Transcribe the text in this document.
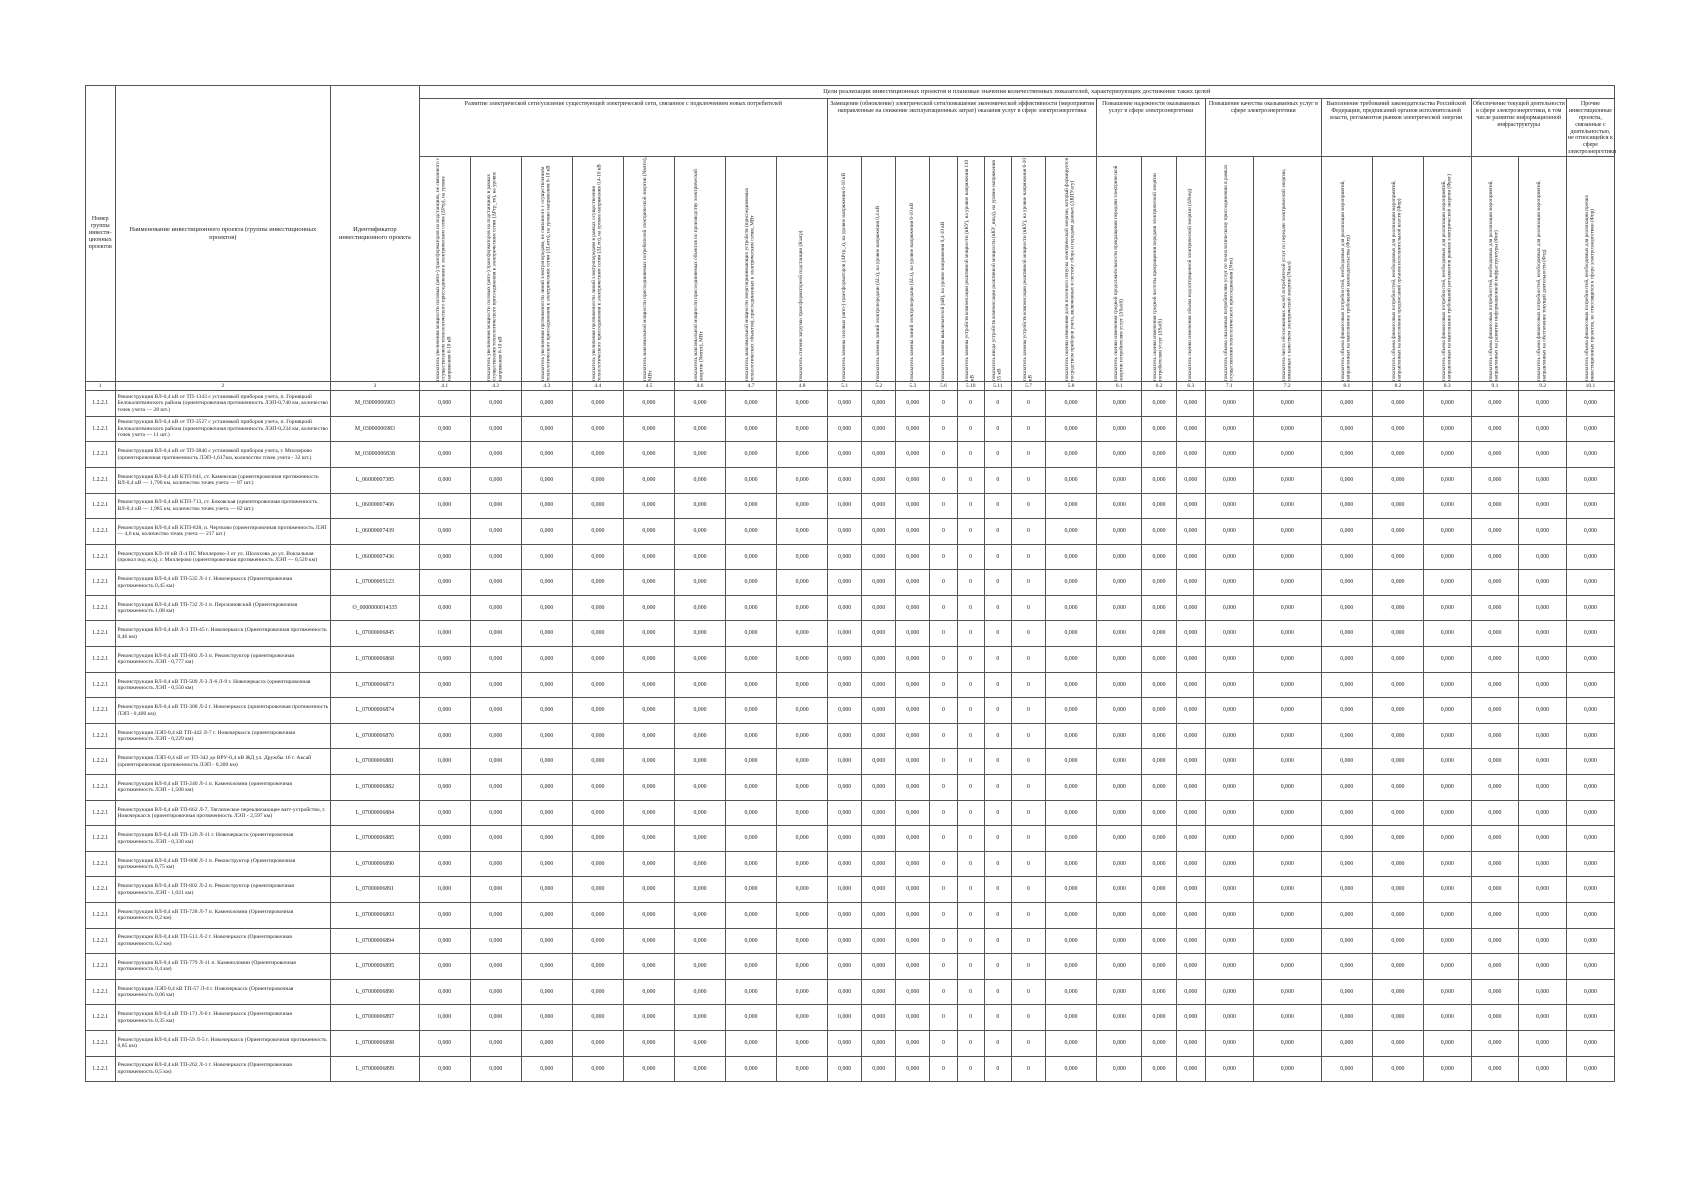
Номер группы инвести-ционных проектов	Наименование инвестиционного проекта (группы инвестиционных проектов)	Идентификатор инвестиционного проекта	Цели реализации инвестиционных проектов и плановые значения количественных показателей, характеризующих достижение таких целей																										
			Развитие электрической сети/усиление существующей электрической сети, связанное с подключением новых потребителей								Замещение (обновление) электрической сети/повышение экономической эффективности (мероприятия направленные на снижение эксплуатационных затрат) оказания услуг в сфере электроэнергетики								Повышение надежности оказываемых услуг в сфере электроэнергетики			Повышение качества оказываемых услуг в сфере электроэнергетики		Выполнение требований законодательства Российской Федерации, предписаний органов исполнительной власти, регламентов рынков электрической энергии			Обеспечение текущей деятельности в сфере электроэнергетики, в том числе развитие информационной инфраструктуры		Прочие инвестиционные проекты, связанные с деятельностью, не относящейся к сфере электроэнергетики

			показатель увеличения мощности силовых (авто-) трансформаторов на подстанциях, не связанного с осуществлением технологического присоединения к электрическим сетям (ΔPтр), на уровне напряжения 6-10 кВ	показатель увеличения мощности силовых (авто-) трансформаторов на подстанциях в рамках осуществления технологического присоединения к электрическим сетям (ΔPтр_тп), на уровне напряжения 6-10 кВ	показатель увеличения протяженности линий электропередачи, не связанного с осуществлением технологического присоединения к электрическим сетям (ΔLнтп), на уровне напряжения 6-10 кВ	показатель увеличения протяженности линий электропередачи в рамках осуществления технологического присоединения к электрическим сетям (ΔLтп), на уровне напряжения 0,4-10 кВ	показатель максимальной мощности присоединяемых потребителей электрической энергии (Nмтпэ), МВт	показатель максимальной мощности присоединяемых объектов по производству электрической энергии (Nмтпг), МВт	показатель максимальной мощности энергопринимающих устройств (присоединяемых технологических объектов), присоединенных к электрическим сетям, МВт	показатель степени загрузки трансформаторной подстанции (Кзагр)	показатель замены силовых (авто-) трансформаторов (ΔPтр_з), на уровне напряжения 6-10 кВ	показатель замены линий электропередачи (ΔLз), на уровне напряжения 0,4 кВ	показатель замены линий электропередачи (ΔLз), на уровне напряжения 6-10 кВ	показатель замены выключателей (nВ), на уровне напряжения 0,4-10 кВ	показатель замены устройств компенсации реактивной мощности (nКУ), на уровне напряжения 110 кВ	показатель ввода устройств компенсации реактивной мощности (nКУ_ввод), на уровне напряжения 35 кВ	показатель замены устройств компенсации реактивной мощности (nКУ), на уровне напряжения 6-10 кВ	показатель оценки изменения доли полезного отпуска электрической энергии, который формируется посредством приборов учета, включенных в систему сбора и передачи данных (ΔRПУасу)	показатель оценки изменения средней продолжительности прекращения передачи электрической энергии потребителям услуг (ΔSaidi)	показатель оценки изменения средней частоты прекращения передачи электрической энергии потребителям услуг (ΔSaifi)	показатель оценки изменения объема недоотпущенной электрической энергии (ΔPнед)	показатель объема оказанных потребителям услуг по технологическому присоединению в рамках осуществления технологического присоединения (Nтп)	показатель числа обоснованных жалоб потребителей услуг по передаче электрической энергии, связанных с качеством электрической энергии (Nжал)	показатель объема финансовых потребностей, необходимых для реализации мероприятий, направленных на выполнение требований законодательства (Фтр)	показатель объема финансовых потребностей, необходимых для реализации мероприятий, направленных на выполнение предписаний органов исполнительной власти (Фпр)	показатель объема финансовых потребностей, необходимых для реализации мероприятий, направленных на выполнение требований регламентов рынков электрической энергии (Фрег)	показатель объема финансовых потребностей, необходимых для реализации мероприятий, направленных на развитие информационной инфраструктуры (Фит)	показатель объема финансовых потребностей, необходимых для реализации мероприятий, направленных на обеспечение текущей деятельности (Фтд)	показатель объема финансовых потребностей, необходимых для реализации прочих инвестиционных проектов, не относящихся к сфере электроэнергетики (Фпр)

1	2	3	4.1	4.2	4.3	4.4	4.5	4.6	4.7	4.8	5.1	5.2	5.3	5.6	5.10	5.11	5.7	5.8	6.1	6.2	6.3	7.1	7.2	8.1	8.2	8.3	9.1	9.2	10.1
1.2.2.1	Реконструкция ВЛ-0,4 кВ от ТП-1343 с установкой приборов учета, п. Горняцкий Белокалитвинского района (ориентировочная протяженность ЛЭП-0,740 км, количество точек учета — 28 шт.)	M_03000006903	0,000	0,000	0,000	0,000	0,000	0,000	0,000	0,000	0,000	0,000	0,000	0	0	0	0	0,000	0,000	0,000	0,000	0,000	0,000	0,000	0,000	0,000	0,000	0,000	0,000
1.2.2.1	Реконструкция ВЛ-0,4 кВ от ТП-3527 с установкой приборов учета, п. Горняцкий Белокалитвинского района (ориентировочная протяженность ЛЭП-0,234 км, количество точек учета — 11 шт.)	M_03000006983	0,000	0,000	0,000	0,000	0,000	0,000	0,000	0,000	0,000	0,000	0,000	0	0	0	0	0,000	0,000	0,000	0,000	0,000	0,000	0,000	0,000	0,000	0,000	0,000	0,000
1.2.2.1	Реконструкция ВЛ-0,4 кВ от ТП-3846 с установкой приборов учета, г. Миллерово (ориентировочная протяженность ЛЭП-1,617км, количество точек учета - 32 шт.)	M_03000006838	0,000	0,000	0,000	0,000	0,000	0,000	0,000	0,000	0,000	0,000	0,000	0	0	0	0	0,000	0,000	0,000	0,000	0,000	0,000	0,000	0,000	0,000	0,000	0,000	0,000
1.2.2.1	Реконструкция ВЛ-0,4 кВ КТП-641, ст. Каменская (ориентировочная протяженность ВЛ-0,4 кВ — 1,790 км, количество точек учета — 87 шт.)	L_06000007385	0,000	0,000	0,000	0,000	0,000	0,000	0,000	0,000	0,000	0,000	0,000	0	0	0	0	0,000	0,000	0,000	0,000	0,000	0,000	0,000	0,000	0,000	0,000	0,000	0,000
1.2.2.1	Реконструкция ВЛ-0,4 кВ КТП-713, ст. Боковская (ориентировочная протяженность ВЛ-0,4 кВ — 1,985 км, количество точек учета — 62 шт.)	L_06000007406	0,000	0,000	0,000	0,000	0,000	0,000	0,000	0,000	0,000	0,000	0,000	0	0	0	0	0,000	0,000	0,000	0,000	0,000	0,000	0,000	0,000	0,000	0,000	0,000	0,000
1.2.2.1	Реконструкция ВЛ-0,4 кВ КТП-828, п. Чертково (ориентировочная протяженность ЛЭП — 4,6 км, количество точек учета — 217 шт.)	L_06000007439	0,000	0,000	0,000	0,000	0,000	0,000	0,000	0,000	0,000	0,000	0,000	0	0	0	0	0,000	0,000	0,000	0,000	0,000	0,000	0,000	0,000	0,000	0,000	0,000	0,000
1.2.2.1	Реконструкция КЛ-10 кВ Л-4 ПС Миллерово-3 от ул. Шолохова до ул. Вокзальная (прокол под ж/д), г. Миллерово (ориентировочная протяженность ЛЭП — 0,520 км)	L_06000007436	0,000	0,000	0,000	0,000	0,000	0,000	0,000	0,000	0,000	0,000	0,000	0	0	0	0	0,000	0,000	0,000	0,000	0,000	0,000	0,000	0,000	0,000	0,000	0,000	0,000
1.2.2.1	Реконструкция ВЛ-0,4 кВ ТП-535 Л-1 г. Новочеркасск (Ориентировочная протяженность 0,45 км)	L_07000005123	0,000	0,000	0,000	0,000	0,000	0,000	0,000	0,000	0,000	0,000	0,000	0	0	0	0	0,000	0,000	0,000	0,000	0,000	0,000	0,000	0,000	0,000	0,000	0,000	0,000
1.2.2.1	Реконструкция ВЛ-0,4 кВ ТП-732 Л-1 п. Персиановский (Ориентировочная протяженность 1,08 км)	O_0000000014335	0,000	0,000	0,000	0,000	0,000	0,000	0,000	0,000	0,000	0,000	0,000	0	0	0	0	0,000	0,000	0,000	0,000	0,000	0,000	0,000	0,000	0,000	0,000	0,000	0,000
1.2.2.1	Реконструкция ВЛ-0,4 кВ Л-3 ТП-45 г. Новочеркасск (Ориентировочная протяженность 0,46 км)	L_07000006845	0,000	0,000	0,000	0,000	0,000	0,000	0,000	0,000	0,000	0,000	0,000	0	0	0	0	0,000	0,000	0,000	0,000	0,000	0,000	0,000	0,000	0,000	0,000	0,000	0,000
1.2.2.1	Реконструкция ВЛ-0,4 кВ ТП-802 Л-3 п. Реконструктор (ориентировочная протяженность ЛЭП - 0,777 км)	L_07000006868	0,000	0,000	0,000	0,000	0,000	0,000	0,000	0,000	0,000	0,000	0,000	0	0	0	0	0,000	0,000	0,000	0,000	0,000	0,000	0,000	0,000	0,000	0,000	0,000	0,000
1.2.2.1	Реконструкция ВЛ-0,4 кВ ТП-509 Л-3 Л-6 Л-9 г. Новочеркасск (ориентировочная протяженность ЛЭП - 0,550 км)	L_07000006873	0,000	0,000	0,000	0,000	0,000	0,000	0,000	0,000	0,000	0,000	0,000	0	0	0	0	0,000	0,000	0,000	0,000	0,000	0,000	0,000	0,000	0,000	0,000	0,000	0,000
1.2.2.1	Реконструкция ВЛ-0,4 кВ ТП-308 Л-2 г. Новочеркасск (ориентировочная протяженность ЛЭП - 0,400 км)	L_07000006874	0,000	0,000	0,000	0,000	0,000	0,000	0,000	0,000	0,000	0,000	0,000	0	0	0	0	0,000	0,000	0,000	0,000	0,000	0,000	0,000	0,000	0,000	0,000	0,000	0,000
1.2.2.1	Реконструкция ЛЭП-0,4 кВ ТП-442 Л-7 г. Новочеркасск (ориентировочная протяженность ЛЭП - 0,229 км)	L_07000006876	0,000	0,000	0,000	0,000	0,000	0,000	0,000	0,000	0,000	0,000	0,000	0	0	0	0	0,000	0,000	0,000	0,000	0,000	0,000	0,000	0,000	0,000	0,000	0,000	0,000
1.2.2.1	Реконструкция ЛЭП-0,4 кВ от ТП-342 до ВРУ-0,4 кВ ЖД ул. Дружбы 16 г. Аксай (ориентировочная протяженность ЛЭП - 0,300 км)	L_07000006881	0,000	0,000	0,000	0,000	0,000	0,000	0,000	0,000	0,000	0,000	0,000	0	0	0	0	0,000	0,000	0,000	0,000	0,000	0,000	0,000	0,000	0,000	0,000	0,000	0,000
1.2.2.1	Реконструкция ВЛ-0,4 кВ ТП-240 Л-1 п. Каменоломни (ориентировочная протяженность ЛЭП - 1,500 км)	L_07000006882	0,000	0,000	0,000	0,000	0,000	0,000	0,000	0,000	0,000	0,000	0,000	0	0	0	0	0,000	0,000	0,000	0,000	0,000	0,000	0,000	0,000	0,000	0,000	0,000	0,000
1.2.2.1	Реконструкция ВЛ-0,4 кВ ТП-662 Л-7, Тяглическое переключающее ватт-устройство, г. Новочеркасск (ориентировочная протяженность ЛЭП - 2,597 км)	L_07000006884	0,000	0,000	0,000	0,000	0,000	0,000	0,000	0,000	0,000	0,000	0,000	0	0	0	0	0,000	0,000	0,000	0,000	0,000	0,000	0,000	0,000	0,000	0,000	0,000	0,000
1.2.2.1	Реконструкция ВЛ-0,4 кВ ТП-126 Л-11 г. Новочеркасск (ориентировочная протяженность ЛЭП - 0,330 км)	L_07000006885	0,000	0,000	0,000	0,000	0,000	0,000	0,000	0,000	0,000	0,000	0,000	0	0	0	0	0,000	0,000	0,000	0,000	0,000	0,000	0,000	0,000	0,000	0,000	0,000	0,000
1.2.2.1	Реконструкция ВЛ-0,4 кВ ТП-808 Л-1 п. Реконструктор (Ориентировочная протяженность 0,75 км)	L_07000006890	0,000	0,000	0,000	0,000	0,000	0,000	0,000	0,000	0,000	0,000	0,000	0	0	0	0	0,000	0,000	0,000	0,000	0,000	0,000	0,000	0,000	0,000	0,000	0,000	0,000
1.2.2.1	Реконструкция ВЛ-0,4 кВ ТП-802 Л-2 п. Реконструктор (ориентировочная протяженность ЛЭП - 1,021 км)	L_07000006891	0,000	0,000	0,000	0,000	0,000	0,000	0,000	0,000	0,000	0,000	0,000	0	0	0	0	0,000	0,000	0,000	0,000	0,000	0,000	0,000	0,000	0,000	0,000	0,000	0,000
1.2.2.1	Реконструкция ВЛ-0,4 кВ ТП-728 Л-7 п. Каменоломни (Ориентировочная протяженность 0,2 км)	L_07000006893	0,000	0,000	0,000	0,000	0,000	0,000	0,000	0,000	0,000	0,000	0,000	0	0	0	0	0,000	0,000	0,000	0,000	0,000	0,000	0,000	0,000	0,000	0,000	0,000	0,000
1.2.2.1	Реконструкция ВЛ-0,4 кВ ТП-513 Л-2 г. Новочеркасск (Ориентировочная протяженность 0,2 км)	L_07000006894	0,000	0,000	0,000	0,000	0,000	0,000	0,000	0,000	0,000	0,000	0,000	0	0	0	0	0,000	0,000	0,000	0,000	0,000	0,000	0,000	0,000	0,000	0,000	0,000	0,000
1.2.2.1	Реконструкция ВЛ-0,4 кВ ТП-779 Л-11 п. Каменоломни (Ориентировочная протяженность 0,4 км)	L_07000006895	0,000	0,000	0,000	0,000	0,000	0,000	0,000	0,000	0,000	0,000	0,000	0	0	0	0	0,000	0,000	0,000	0,000	0,000	0,000	0,000	0,000	0,000	0,000	0,000	0,000
1.2.2.1	Реконструкция ЛЭП-0,4 кВ ТП-57 Л-4 г. Новочеркасск (Ориентировочная протяженность 0,06 км)	L_07000006896	0,000	0,000	0,000	0,000	0,000	0,000	0,000	0,000	0,000	0,000	0,000	0	0	0	0	0,000	0,000	0,000	0,000	0,000	0,000	0,000	0,000	0,000	0,000	0,000	0,000
1.2.2.1	Реконструкция ВЛ-0,4 кВ ТП-171 Л-6 г. Новочеркасск (Ориентировочная протяженность 0,35 км)	L_07000006897	0,000	0,000	0,000	0,000	0,000	0,000	0,000	0,000	0,000	0,000	0,000	0	0	0	0	0,000	0,000	0,000	0,000	0,000	0,000	0,000	0,000	0,000	0,000	0,000	0,000
1.2.2.1	Реконструкция ВЛ-0,4 кВ ТП-59 Л-5 г. Новочеркасск (Ориентировочная протяженность 0,85 км)	L_07000006898	0,000	0,000	0,000	0,000	0,000	0,000	0,000	0,000	0,000	0,000	0,000	0	0	0	0	0,000	0,000	0,000	0,000	0,000	0,000	0,000	0,000	0,000	0,000	0,000	0,000
1.2.2.1	Реконструкция ВЛ-0,4 кВ ТП-262 Л-1 г. Новочеркасск (Ориентировочная протяженность 0,5 км)	L_07000006899	0,000	0,000	0,000	0,000	0,000	0,000	0,000	0,000	0,000	0,000	0,000	0	0	0	0	0,000	0,000	0,000	0,000	0,000	0,000	0,000	0,000	0,000	0,000	0,000	0,000
